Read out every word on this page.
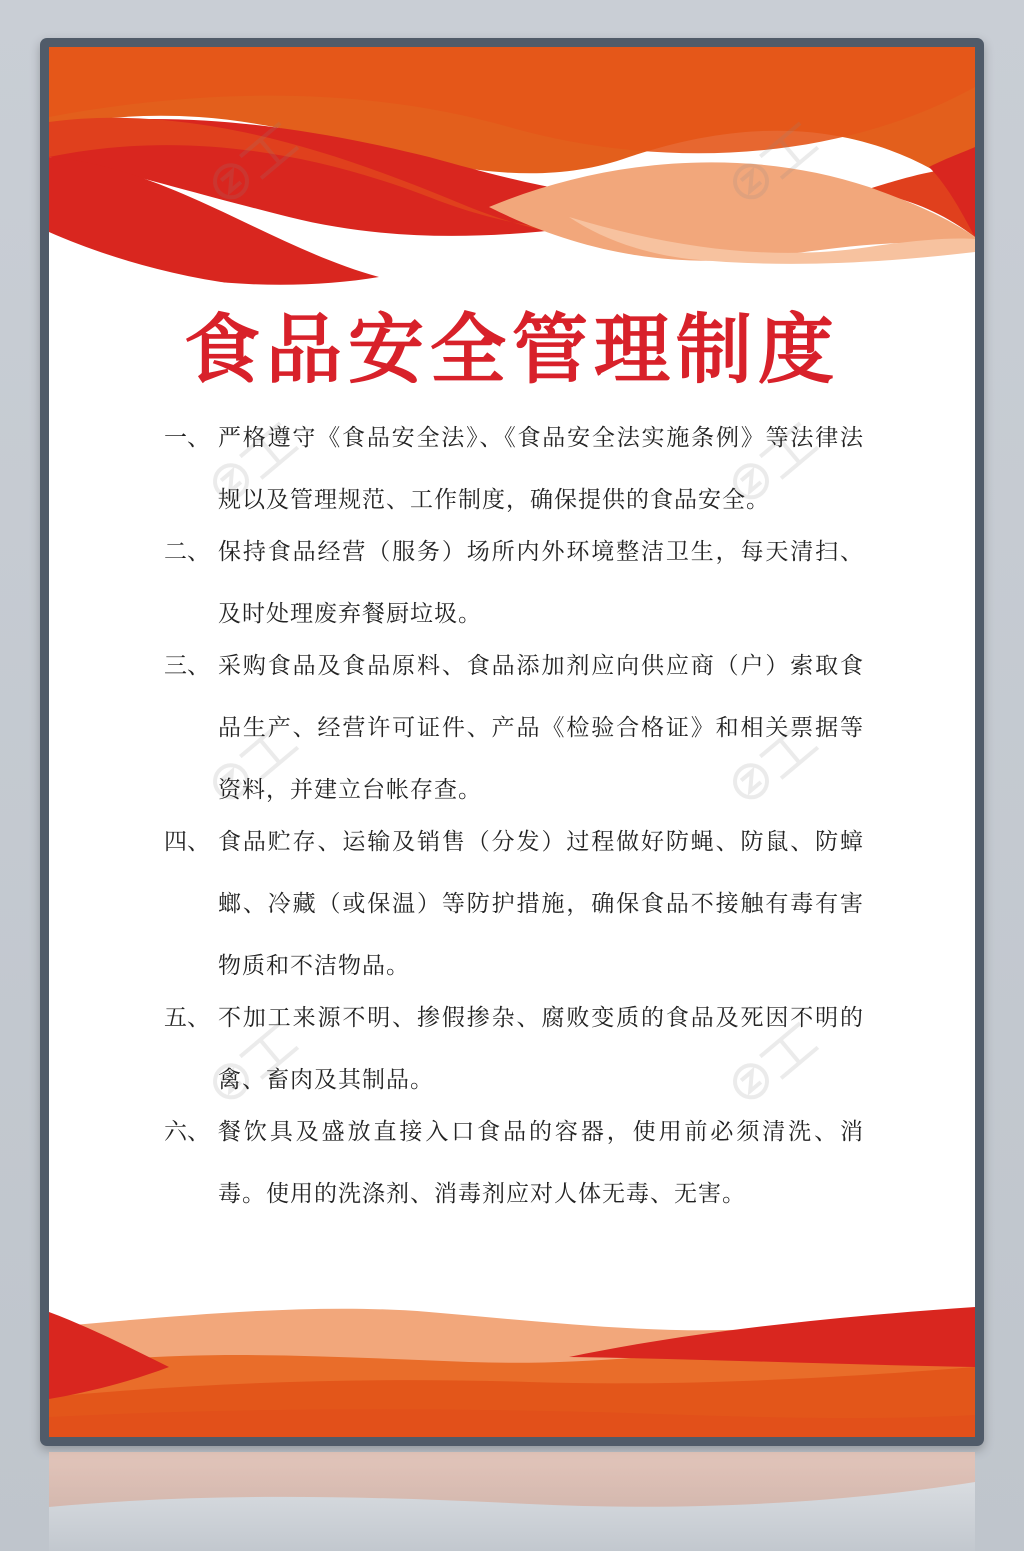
食品安全管理制度
一、 严格遵守《食品安全法》、《食品安全法实施条例》等法律法规以及管理规范、工作制度，确保提供的食品安全。
二、 保持食品经营（服务）场所内外环境整洁卫生，每天清扫、及时处理废弃餐厨垃圾。
三、 采购食品及食品原料、食品添加剂应向供应商（户）索取食品生产、经营许可证件、产品《检验合格证》和相关票据等资料，并建立台帐存查。
四、 食品贮存、运输及销售（分发）过程做好防蝇、防鼠、防蟑螂、冷藏（或保温）等防护措施，确保食品不接触有毒有害物质和不洁物品。
五、 不加工来源不明、掺假掺杂、腐败变质的食品及死因不明的禽、畜肉及其制品。
六、 餐饮具及盛放直接入口食品的容器，使用前必须清洗、消毒。使用的洗涤剂、消毒剂应对人体无毒、无害。
